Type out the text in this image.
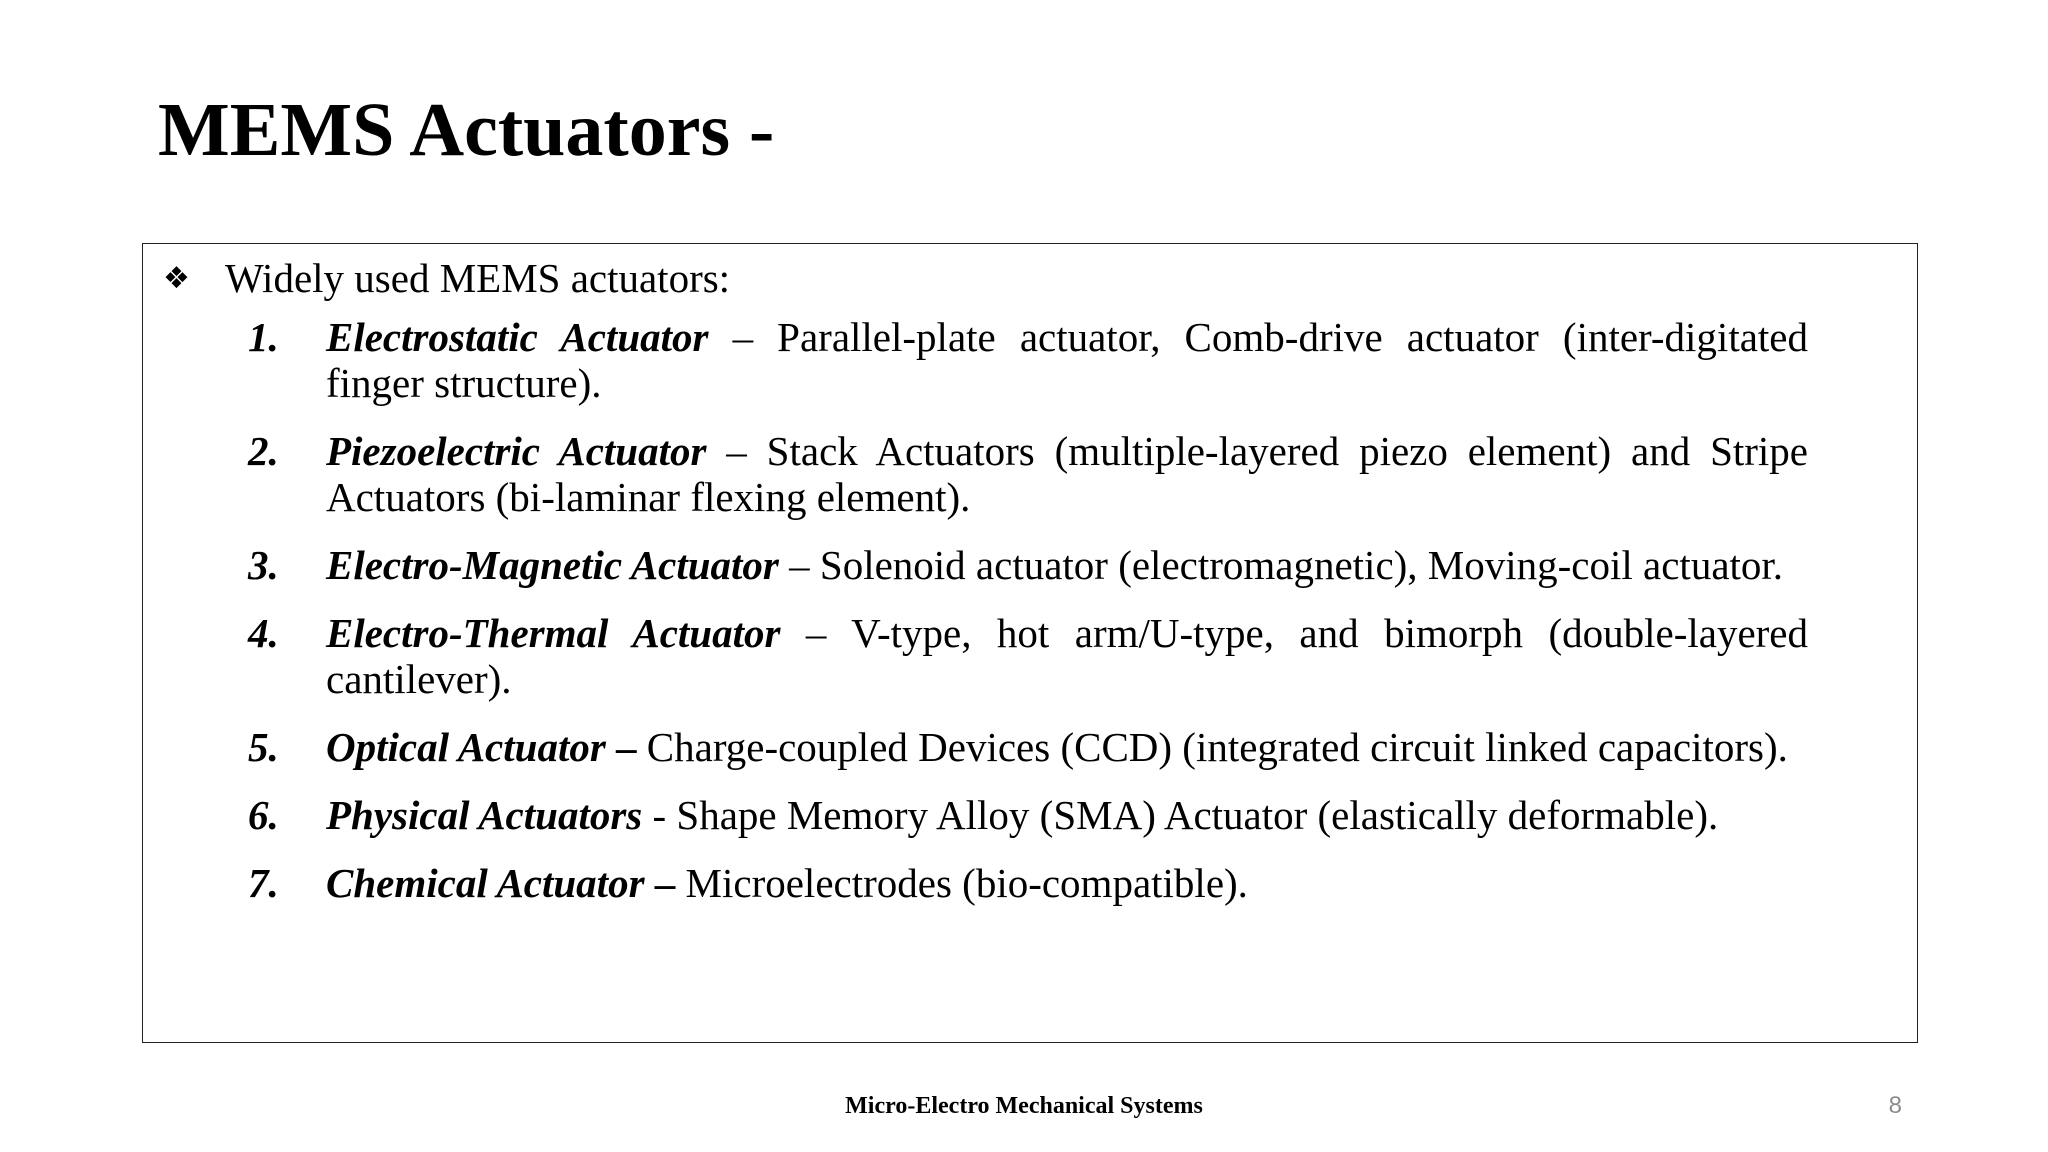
MEMS Actuators -
❖ Widely used MEMS actuators:
1. Electrostatic Actuator – Parallel-plate actuator, Comb-drive actuator (inter-digitated finger structure).
2. Piezoelectric Actuator – Stack Actuators (multiple-layered piezo element) and Stripe Actuators (bi-laminar flexing element).
3. Electro-Magnetic Actuator – Solenoid actuator (electromagnetic), Moving-coil actuator.
4. Electro-Thermal Actuator – V-type, hot arm/U-type, and bimorph (double-layered cantilever).
5. Optical Actuator – Charge-coupled Devices (CCD) (integrated circuit linked capacitors).
6. Physical Actuators - Shape Memory Alloy (SMA) Actuator (elastically deformable).
7. Chemical Actuator – Microelectrodes (bio-compatible).
Micro-Electro Mechanical Systems	8
